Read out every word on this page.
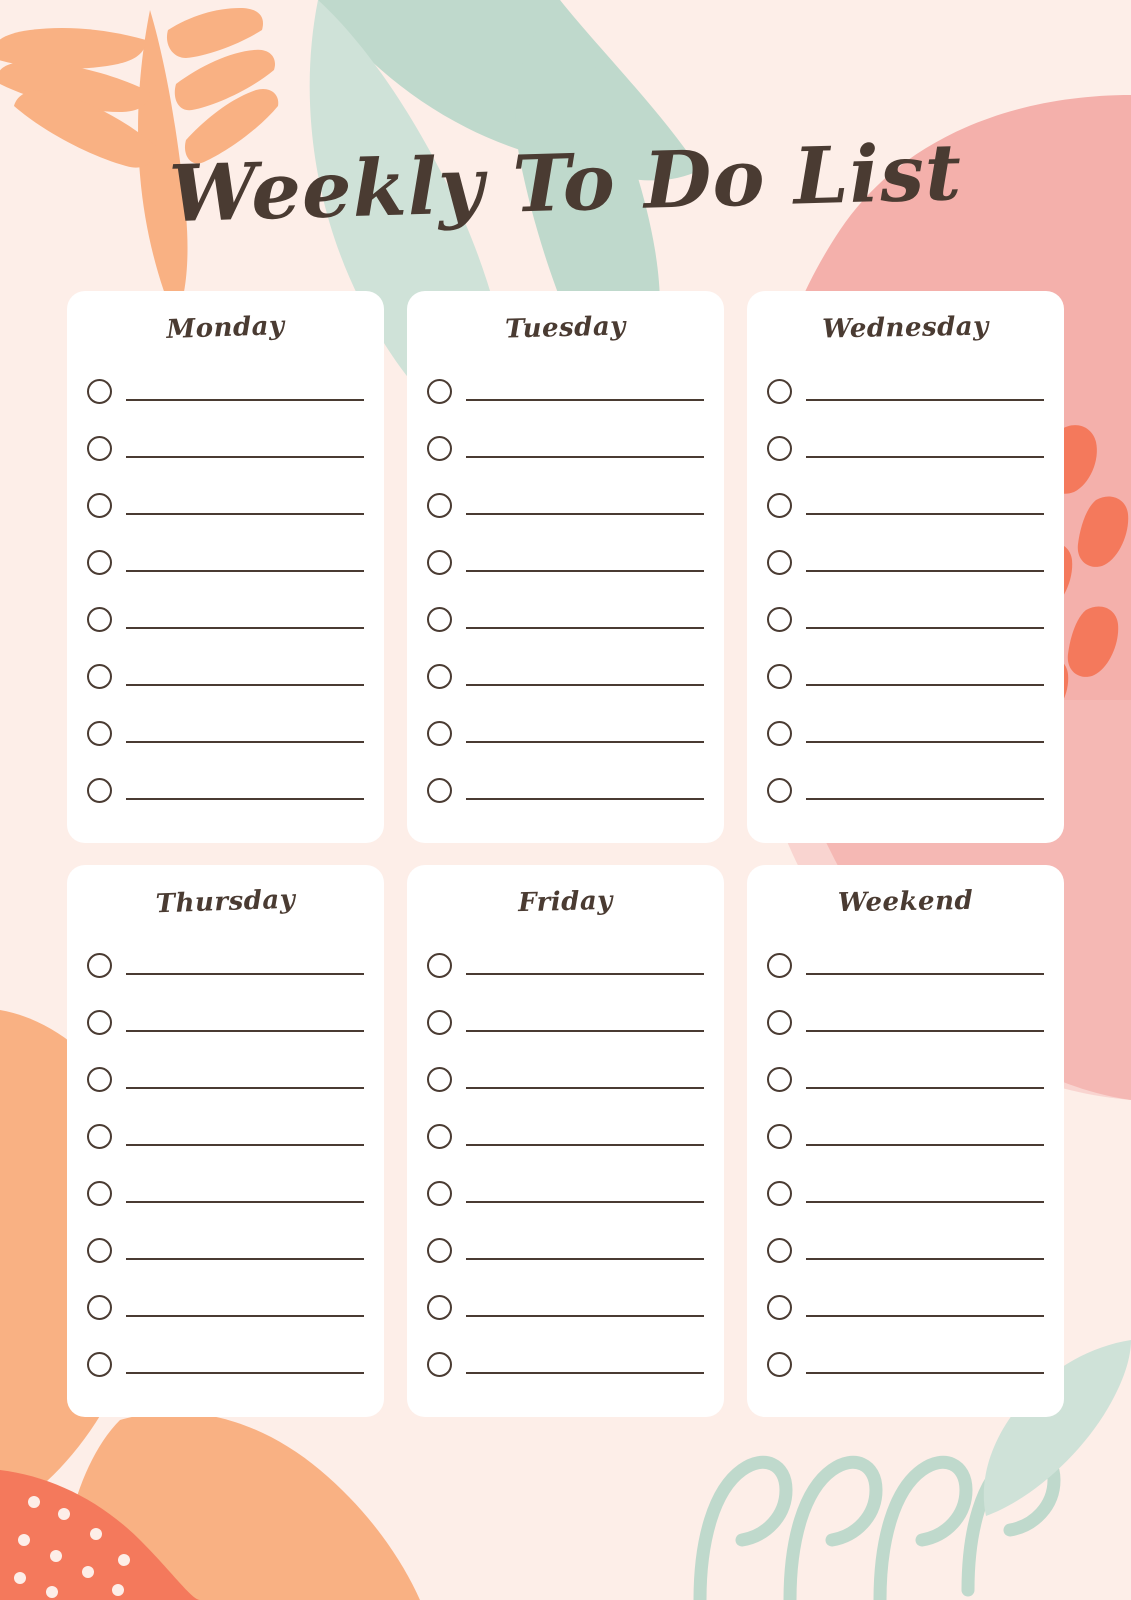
Weekly To Do List
Monday	Tuesday	Wednesday
Thursday	Friday	Weekend
